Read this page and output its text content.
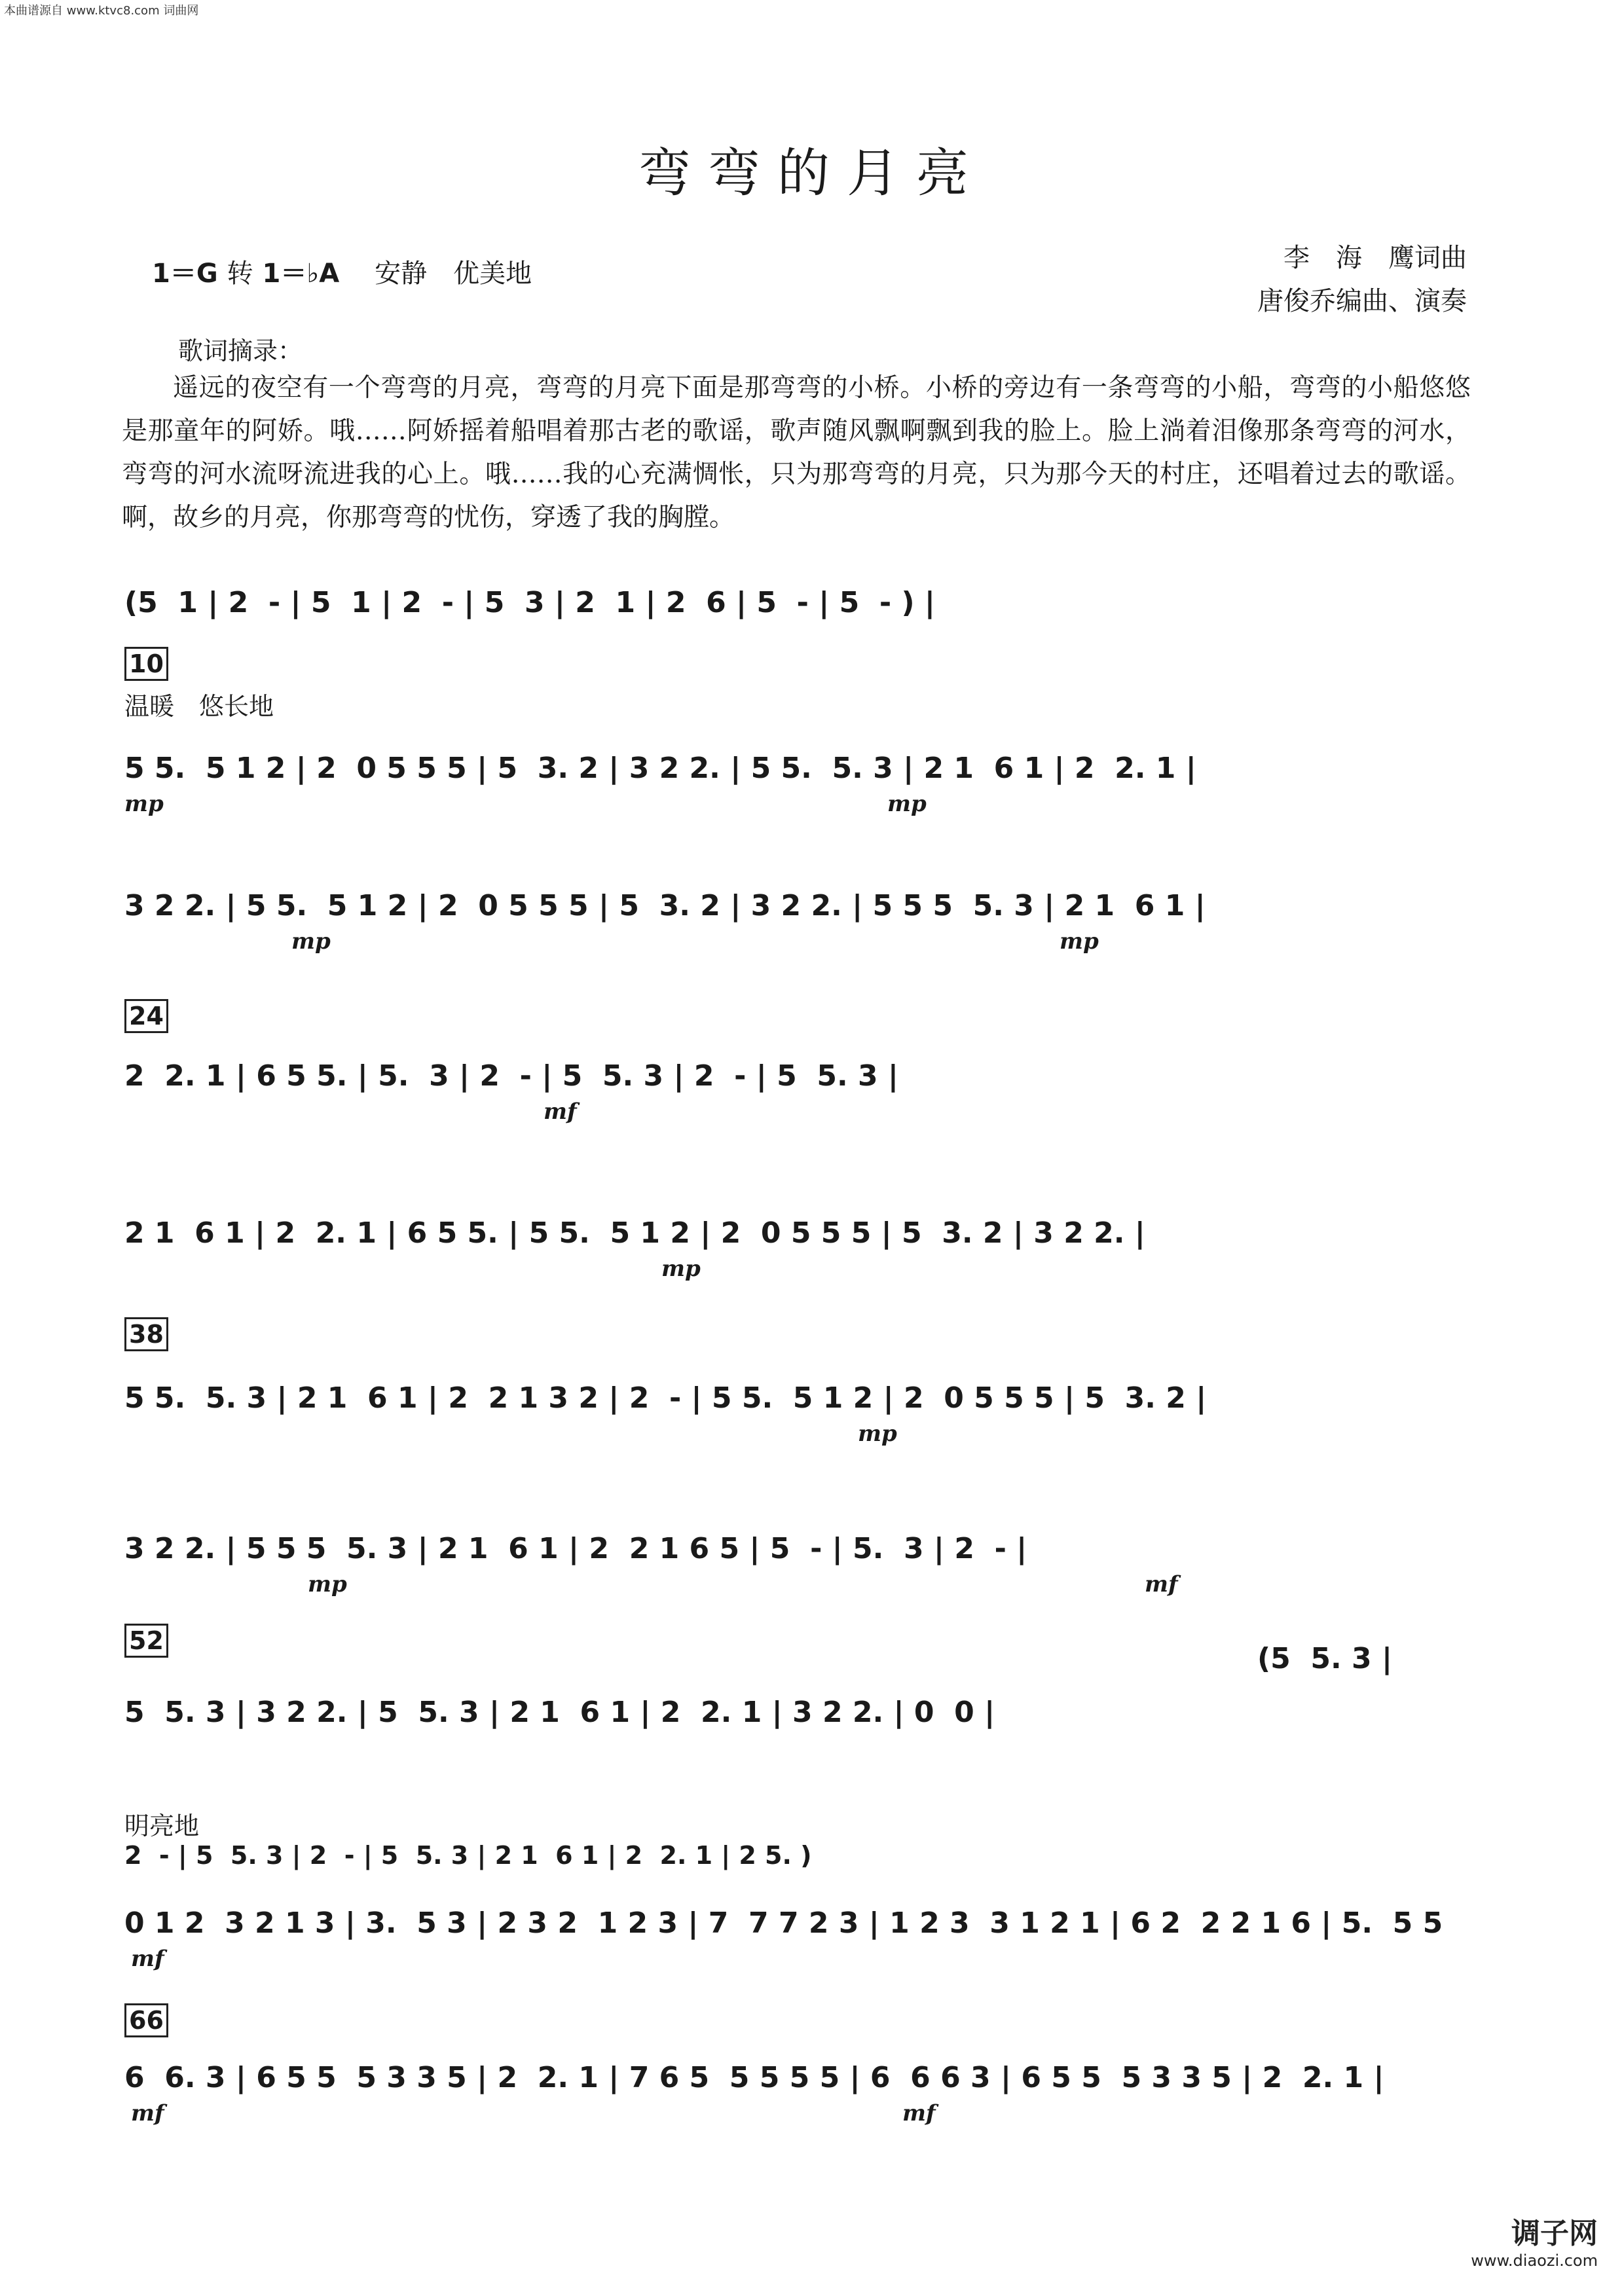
本曲谱源自 www.ktvc8.com 词曲网
弯弯的月亮
1＝G 转 1＝♭A 安静　优美地
李　海　鹰词曲
唐俊乔编曲、演奏
歌词摘录：
遥远的夜空有一个弯弯的月亮，弯弯的月亮下面是那弯弯的小桥。小桥的旁边有一条弯弯的小船，弯弯的小船悠悠是那童年的阿娇。哦……阿娇摇着船唱着那古老的歌谣，歌声随风飘啊飘到我的脸上。脸上淌着泪像那条弯弯的河水，弯弯的河水流呀流进我的心上。哦……我的心充满惆怅，只为那弯弯的月亮，只为那今天的村庄，还唱着过去的歌谣。啊，故乡的月亮，你那弯弯的忧伤，穿透了我的胸膛。
(5  1 | 2  - | 5  1 | 2  - | 5  3 | 2  1 | 2  6 | 5  - | 5  - ) |
10
温暖　悠长地
5 5.  5 1 2 | 2  0 5 5 5 | 5  3. 2 | 3 2 2. | 5 5.  5. 3 | 2 1  6 1 | 2  2. 1 |
mp	mp
3 2 2. | 5 5.  5 1 2 | 2  0 5 5 5 | 5  3. 2 | 3 2 2. | 5 5 5  5. 3 | 2 1  6 1 |
mp	mp
24
2  2. 1 | 6 5 5. | 5.  3 | 2  - | 5  5. 3 | 2  - | 5  5. 3 |
mf
2 1  6 1 | 2  2. 1 | 6 5 5. | 5 5.  5 1 2 | 2  0 5 5 5 | 5  3. 2 | 3 2 2. |
mp
38
5 5.  5. 3 | 2 1  6 1 | 2  2 1 3 2 | 2  - | 5 5.  5 1 2 | 2  0 5 5 5 | 5  3. 2 |
mp
3 2 2. | 5 5 5  5. 3 | 2 1  6 1 | 2  2 1 6 5 | 5  - | 5.  3 | 2  - |
mp	mf
52
(5  5. 3 |
5  5. 3 | 3 2 2. | 5  5. 3 | 2 1  6 1 | 2  2. 1 | 3 2 2. | 0  0 |
明亮地
2  - | 5  5. 3 | 2  - | 5  5. 3 | 2 1  6 1 | 2  2. 1 | 2 5. )
0 1 2  3 2 1 3 | 3.  5 3 | 2 3 2  1 2 3 | 7  7 7 2 3 | 1 2 3  3 1 2 1 | 6 2  2 2 1 6 | 5.  5 5
mf
66
6  6. 3 | 6 5 5  5 3 3 5 | 2  2. 1 | 7 6 5  5 5 5 5 | 6  6 6 3 | 6 5 5  5 3 3 5 | 2  2. 1 |
mf	mf
调子网
www.diaozi.com
